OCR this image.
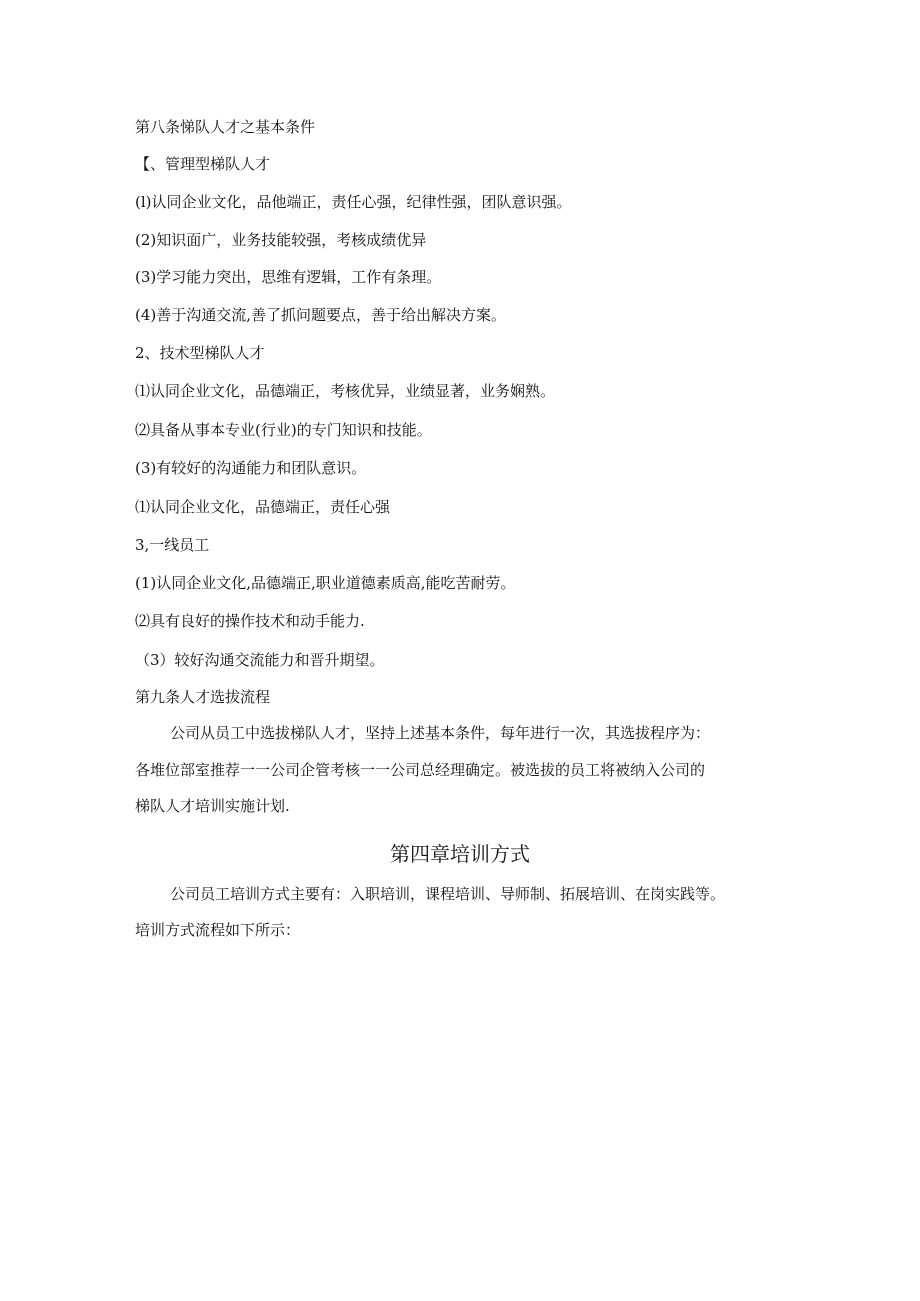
第八条悌队人才之基本条件
【、管理型梯队人才
(l)认同企业文化，品他端正，责任心强，纪律性强，团队意识强。
(2)知识面广，业务技能较强，考核成绩优异
(3)学习能力突出，思维有逻辑，工作有条理。
(4)善于沟通交流,善了抓问题要点，善于给出解决方案。
2、技术型梯队人才
⑴认同企业文化，品德端正，考核优异，业绩显著，业务娴熟。
⑵具备从事本专业(行业)的专门知识和技能。
(3)有较好的沟通能力和团队意识。
⑴认同企业文化，品德端正，责任心强
3,一线员工
(1)认同企业文化,品德端正,职业道德素质高,能吃苦耐劳。
⑵具有良好的操作技术和动手能力.
（3）较好沟通交流能力和晋升期望。
第九条人才选拔流程
公司从员工中选拔梯队人才，坚持上述基本条件，每年进行一次，其选拔程序为：
各堆位部室推荐一一公司企管考核一一公司总经理确定。被选拔的员工将被纳入公司的
梯队人才培训实施计划.
第四章培训方式
公司员工培训方式主要有：入职培训，课程培训、导师制、拓展培训、在岗实践等。
培训方式流程如下所示：
